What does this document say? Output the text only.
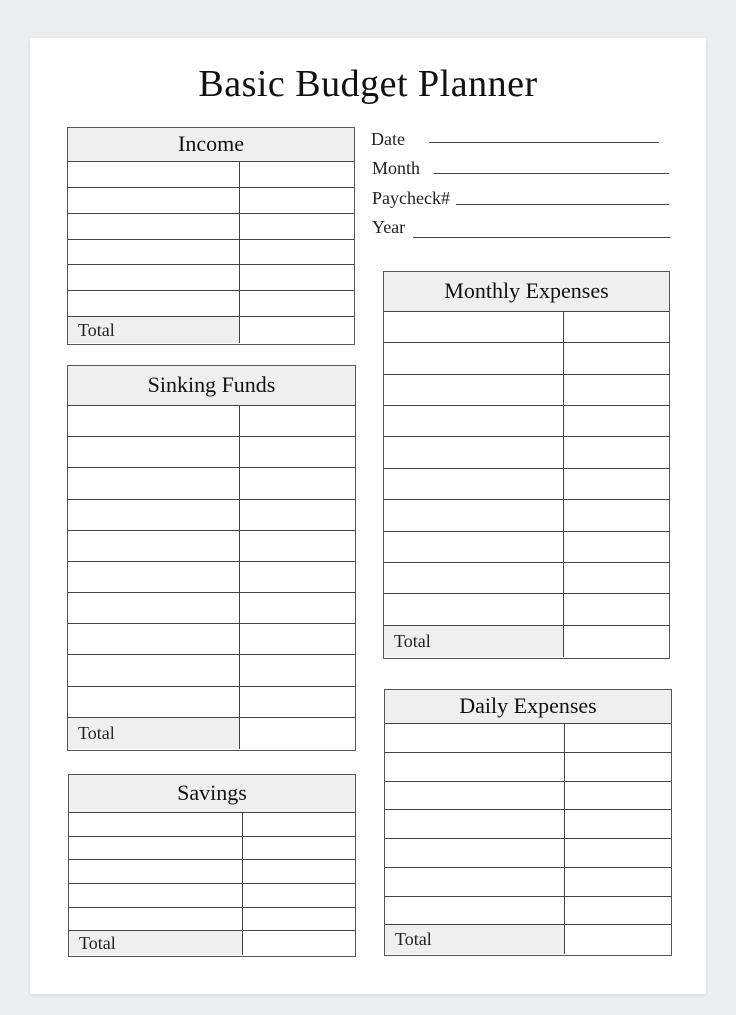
Basic Budget Planner
Date
Month
Paycheck#
Year
Income
Total
Sinking Funds
Total
Savings
Total
Monthly Expenses
Total
Daily Expenses
Total
